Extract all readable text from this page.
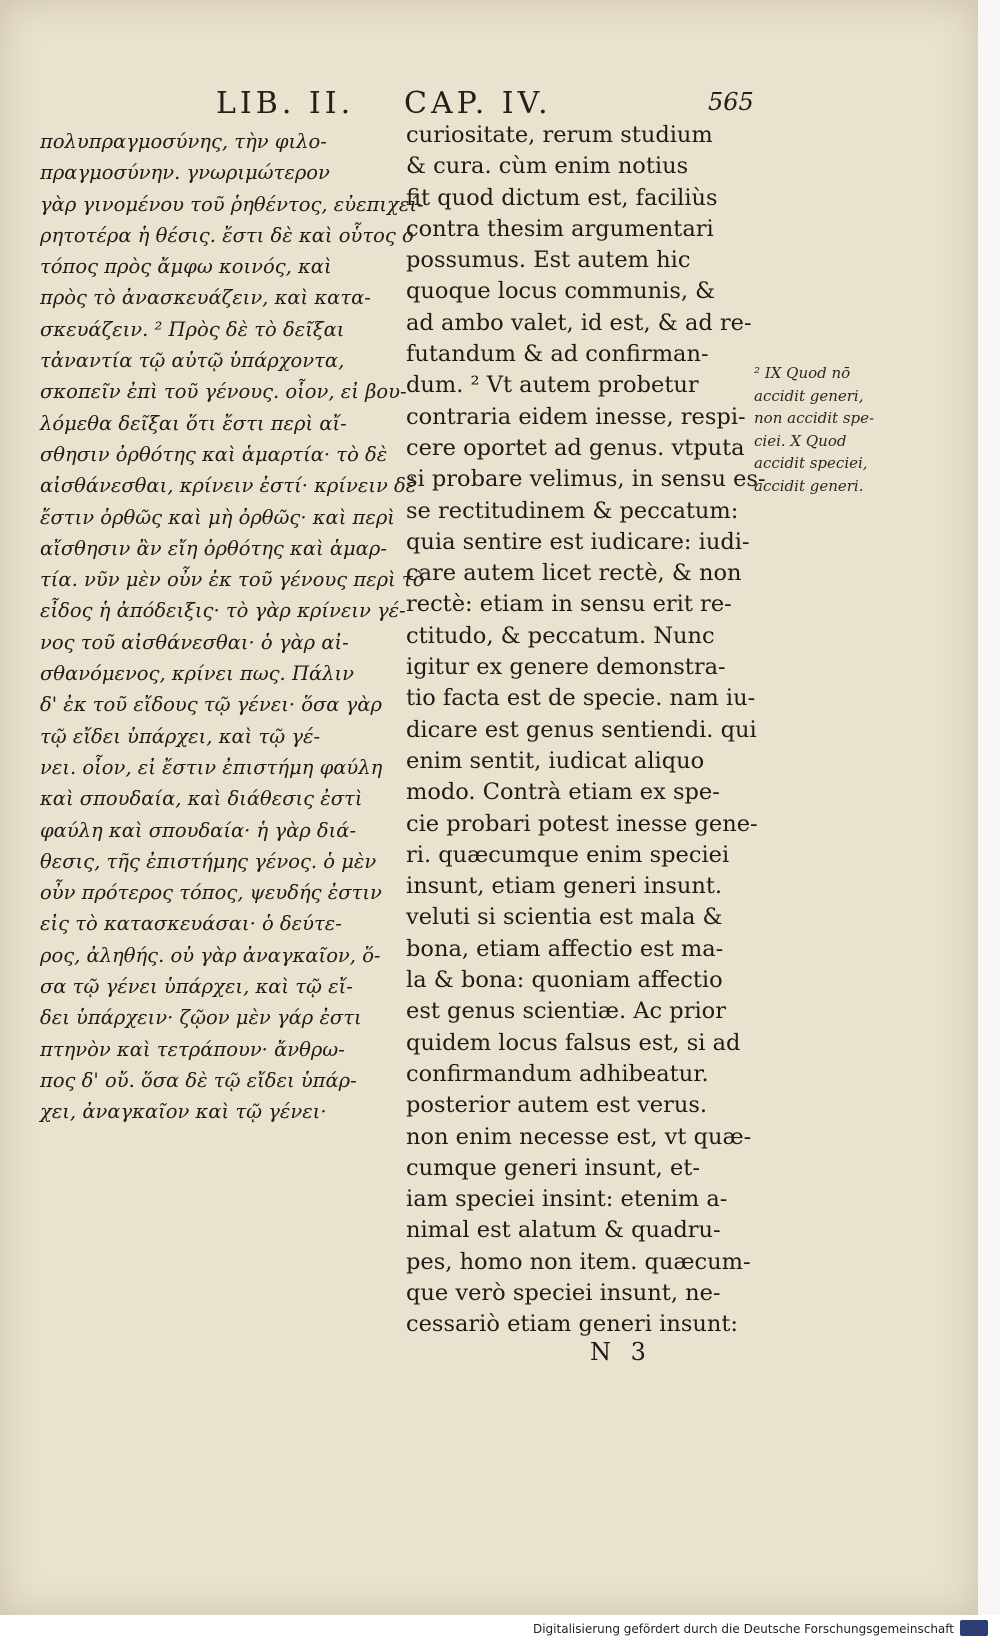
LIB. II. CAP. IV.	565
πολυπραγμοσύνης, τὴν φιλο-
πραγμοσύνην. γνωριμώτερον
γὰρ γινομένου τοῦ ῥηθέντος, εὐεπιχεί-
ρητοτέρα ἡ θέσις. ἔστι δὲ καὶ οὗτος ὁ
τόπος πρὸς ἄμφω κοινός, καὶ
πρὸς τὸ ἀνασκευάζειν, καὶ κατα-
σκευάζειν. ² Πρὸς δὲ τὸ δεῖξαι
τἀναντία τῷ αὐτῷ ὑπάρχοντα,
σκοπεῖν ἐπὶ τοῦ γένους. οἷον, εἰ βου-
λόμεθα δεῖξαι ὅτι ἔστι περὶ αἴ-
σθησιν ὀρθότης καὶ ἁμαρτία· τὸ δὲ
αἰσθάνεσθαι, κρίνειν ἐστί· κρίνειν δὲ
ἔστιν ὀρθῶς καὶ μὴ ὀρθῶς· καὶ περὶ
αἴσθησιν ἂν εἴη ὀρθότης καὶ ἁμαρ-
τία. νῦν μὲν οὖν ἐκ τοῦ γένους περὶ τὸ
εἶδος ἡ ἀπόδειξις· τὸ γὰρ κρίνειν γέ-
νος τοῦ αἰσθάνεσθαι· ὁ γὰρ αἰ-
σθανόμενος, κρίνει πως. Πάλιν
δ' ἐκ τοῦ εἴδους τῷ γένει· ὅσα γὰρ
τῷ εἴδει ὑπάρχει, καὶ τῷ γέ-
νει. οἷον, εἰ ἔστιν ἐπιστήμη φαύλη
καὶ σπουδαία, καὶ διάθεσις ἐστὶ
φαύλη καὶ σπουδαία· ἡ γὰρ διά-
θεσις, τῆς ἐπιστήμης γένος. ὁ μὲν
οὖν πρότερος τόπος, ψευδής ἐστιν
εἰς τὸ κατασκευάσαι· ὁ δεύτε-
ρος, ἀληθής. οὐ γὰρ ἀναγκαῖον, ὅ-
σα τῷ γένει ὑπάρχει, καὶ τῷ εἴ-
δει ὑπάρχειν· ζῷον μὲν γάρ ἐστι
πτηνὸν καὶ τετράπουν· ἄνθρω-
πος δ' οὔ. ὅσα δὲ τῷ εἴδει ὑπάρ-
χει, ἀναγκαῖον καὶ τῷ γένει·
curiositate, rerum studium
& cura. cùm enim notius
fit quod dictum est, faciliùs
contra thesim argumentari
possumus. Est autem hic
quoque locus communis, &
ad ambo valet, id est, & ad re-
futandum & ad confirman-
dum. ² Vt autem probetur
contraria eidem inesse, respi-
cere oportet ad genus. vtputa
si probare velimus, in sensu es-
se rectitudinem & peccatum:
quia sentire est iudicare: iudi-
care autem licet rectè, & non
rectè: etiam in sensu erit re-
ctitudo, & peccatum. Nunc
igitur ex genere demonstra-
tio facta est de specie. nam iu-
dicare est genus sentiendi. qui
enim sentit, iudicat aliquo
modo. Contrà etiam ex spe-
cie probari potest inesse gene-
ri. quæcumque enim speciei
insunt, etiam generi insunt.
veluti si scientia est mala &
bona, etiam affectio est ma-
la & bona: quoniam affectio
est genus scientiæ. Ac prior
quidem locus falsus est, si ad
confirmandum adhibeatur.
posterior autem est verus.
non enim necesse est, vt quæ-
cumque generi insunt, et-
iam speciei insint: etenim a-
nimal est alatum & quadru-
pes, homo non item. quæcum-
que verò speciei insunt, ne-
cessariò etiam generi insunt:
² IX Quod nō
accidit generi,
non accidit spe-
ciei. X Quod
accidit speciei,
accidit generi.
N 3
Digitalisierung gefördert durch die Deutsche Forschungsgemeinschaft
